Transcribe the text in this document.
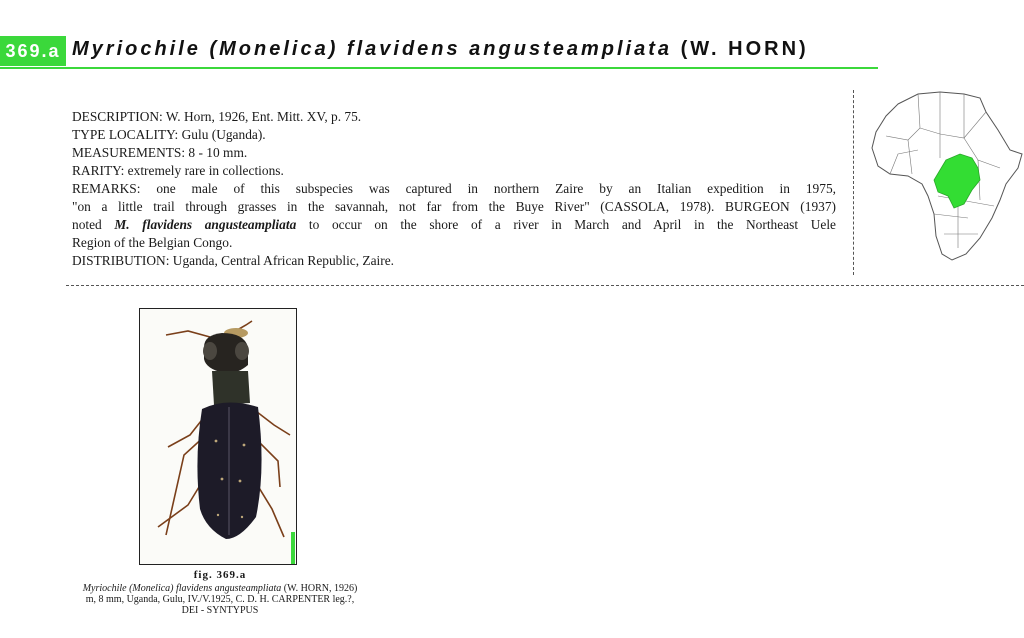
369.a Myriochile (Monelica) flavidens angusteampliata (W. HORN)

DESCRIPTION: W. Horn, 1926, Ent. Mitt. XV, p. 75.

TYPE LOCALITY: Gulu (Uganda).

MEASUREMENTS: 8 - 10 mm.

RARITY: extremely rare in collections.

REMARKS: one male of this subspecies was captured in northern Zaire by an Italian expedition in 1975,

"on a little trail through grasses in the savannah, not far from the Buye River" (CASSOLA, 1978). BURGEON (1937)

noted M. flavidens angusteampliata to occur on the shore of a river in March and April in the Northeast Uele

Region of the Belgian Congo.

DISTRIBUTION: Uganda, Central African Republic, Zaire.

fig. 369.a
Myriochile (Monelica) flavidens angusteampliata (W. HORN, 1926)
m, 8 mm, Uganda, Gulu, IV./V.1925, C. D. H. CARPENTER leg.?,
DEI - SYNTYPUS
